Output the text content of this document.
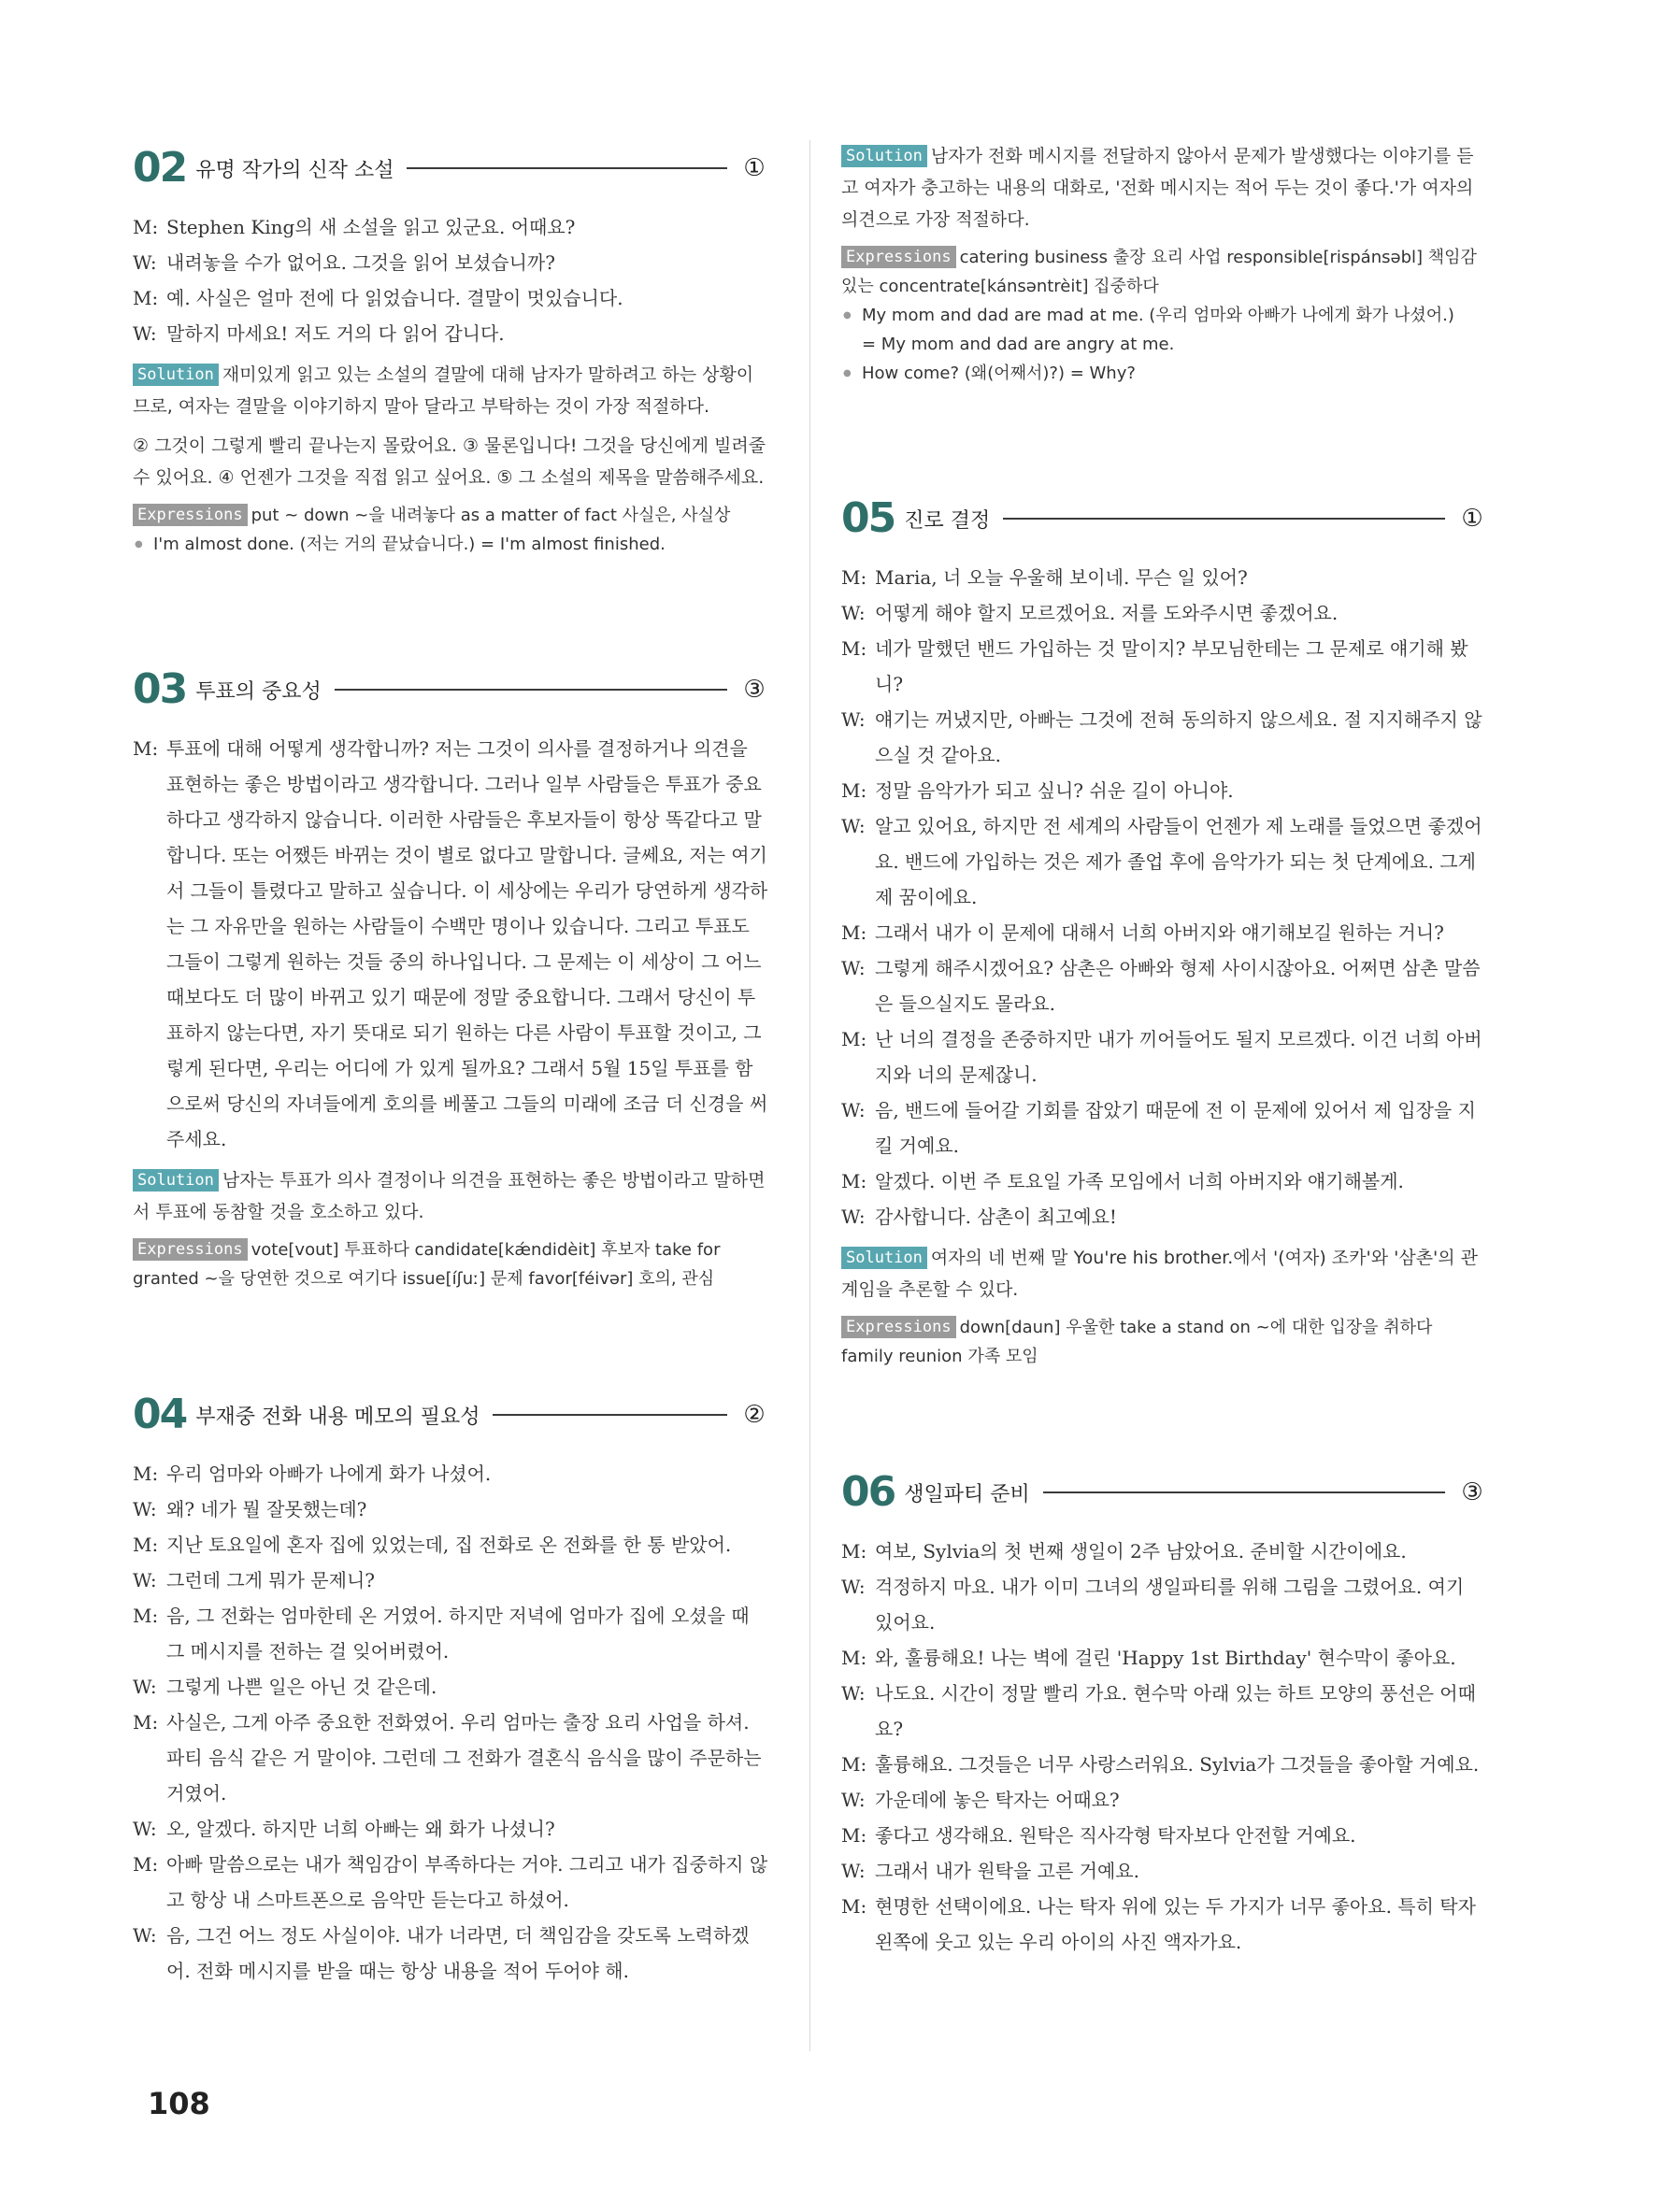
02 유명 작가의 신작 소설	①
M: Stephen King의 새 소설을 읽고 있군요. 어때요?
W: 내려놓을 수가 없어요. 그것을 읽어 보셨습니까?
M: 예. 사실은 얼마 전에 다 읽었습니다. 결말이 멋있습니다.
W: 말하지 마세요! 저도 거의 다 읽어 갑니다.
Solution 재미있게 읽고 있는 소설의 결말에 대해 남자가 말하려고 하는 상황이므로, 여자는 결말을 이야기하지 말아 달라고 부탁하는 것이 가장 적절하다.
② 그것이 그렇게 빨리 끝나는지 몰랐어요. ③ 물론입니다! 그것을 당신에게 빌려줄 수 있어요. ④ 언젠가 그것을 직접 읽고 싶어요. ⑤ 그 소설의 제목을 말씀해주세요.
Expressions put ~ down ~을 내려놓다 as a matter of fact 사실은, 사실상
● I'm almost done. (저는 거의 끝났습니다.) = I'm almost finished.
03 투표의 중요성	③
M: 투표에 대해 어떻게 생각합니까? 저는 그것이 의사를 결정하거나 의견을 표현하는 좋은 방법이라고 생각합니다. 그러나 일부 사람들은 투표가 중요하다고 생각하지 않습니다. 이러한 사람들은 후보자들이 항상 똑같다고 말합니다. 또는 어쨌든 바뀌는 것이 별로 없다고 말합니다. 글쎄요, 저는 여기서 그들이 틀렸다고 말하고 싶습니다. 이 세상에는 우리가 당연하게 생각하는 그 자유만을 원하는 사람들이 수백만 명이나 있습니다. 그리고 투표도 그들이 그렇게 원하는 것들 중의 하나입니다. 그 문제는 이 세상이 그 어느 때보다도 더 많이 바뀌고 있기 때문에 정말 중요합니다. 그래서 당신이 투표하지 않는다면, 자기 뜻대로 되기 원하는 다른 사람이 투표할 것이고, 그렇게 된다면, 우리는 어디에 가 있게 될까요? 그래서 5월 15일 투표를 함으로써 당신의 자녀들에게 호의를 베풀고 그들의 미래에 조금 더 신경을 써주세요.
Solution 남자는 투표가 의사 결정이나 의견을 표현하는 좋은 방법이라고 말하면서 투표에 동참할 것을 호소하고 있다.
Expressions vote[vout] 투표하다 candidate[kǽndidèit] 후보자 take for granted ~을 당연한 것으로 여기다 issue[íʃuː] 문제 favor[féivər] 호의, 관심
04 부재중 전화 내용 메모의 필요성	②
M: 우리 엄마와 아빠가 나에게 화가 나셨어.
W: 왜? 네가 뭘 잘못했는데?
M: 지난 토요일에 혼자 집에 있었는데, 집 전화로 온 전화를 한 통 받았어.
W: 그런데 그게 뭐가 문제니?
M: 음, 그 전화는 엄마한테 온 거였어. 하지만 저녁에 엄마가 집에 오셨을 때 그 메시지를 전하는 걸 잊어버렸어.
W: 그렇게 나쁜 일은 아닌 것 같은데.
M: 사실은, 그게 아주 중요한 전화였어. 우리 엄마는 출장 요리 사업을 하셔. 파티 음식 같은 거 말이야. 그런데 그 전화가 결혼식 음식을 많이 주문하는 거였어.
W: 오, 알겠다. 하지만 너희 아빠는 왜 화가 나셨니?
M: 아빠 말씀으로는 내가 책임감이 부족하다는 거야. 그리고 내가 집중하지 않고 항상 내 스마트폰으로 음악만 듣는다고 하셨어.
W: 음, 그건 어느 정도 사실이야. 내가 너라면, 더 책임감을 갖도록 노력하겠어. 전화 메시지를 받을 때는 항상 내용을 적어 두어야 해.
Solution 남자가 전화 메시지를 전달하지 않아서 문제가 발생했다는 이야기를 듣고 여자가 충고하는 내용의 대화로, '전화 메시지는 적어 두는 것이 좋다.'가 여자의 의견으로 가장 적절하다.
Expressions catering business 출장 요리 사업 responsible[rispánsəbl] 책임감 있는 concentrate[kánsəntrèit] 집중하다
● My mom and dad are mad at me. (우리 엄마와 아빠가 나에게 화가 나셨어.)
= My mom and dad are angry at me.
● How come? (왜(어째서)?) = Why?
05 진로 결정	①
M: Maria, 너 오늘 우울해 보이네. 무슨 일 있어?
W: 어떻게 해야 할지 모르겠어요. 저를 도와주시면 좋겠어요.
M: 네가 말했던 밴드 가입하는 것 말이지? 부모님한테는 그 문제로 얘기해 봤니?
W: 얘기는 꺼냈지만, 아빠는 그것에 전혀 동의하지 않으세요. 절 지지해주지 않으실 것 같아요.
M: 정말 음악가가 되고 싶니? 쉬운 길이 아니야.
W: 알고 있어요, 하지만 전 세계의 사람들이 언젠가 제 노래를 들었으면 좋겠어요. 밴드에 가입하는 것은 제가 졸업 후에 음악가가 되는 첫 단계에요. 그게 제 꿈이에요.
M: 그래서 내가 이 문제에 대해서 너희 아버지와 얘기해보길 원하는 거니?
W: 그렇게 해주시겠어요? 삼촌은 아빠와 형제 사이시잖아요. 어쩌면 삼촌 말씀은 들으실지도 몰라요.
M: 난 너의 결정을 존중하지만 내가 끼어들어도 될지 모르겠다. 이건 너희 아버지와 너의 문제잖니.
W: 음, 밴드에 들어갈 기회를 잡았기 때문에 전 이 문제에 있어서 제 입장을 지킬 거예요.
M: 알겠다. 이번 주 토요일 가족 모임에서 너희 아버지와 얘기해볼게.
W: 감사합니다. 삼촌이 최고예요!
Solution 여자의 네 번째 말 You're his brother.에서 '(여자) 조카'와 '삼촌'의 관계임을 추론할 수 있다.
Expressions down[daun] 우울한 take a stand on ~에 대한 입장을 취하다 family reunion 가족 모임
06 생일파티 준비	③
M: 여보, Sylvia의 첫 번째 생일이 2주 남았어요. 준비할 시간이에요.
W: 걱정하지 마요. 내가 이미 그녀의 생일파티를 위해 그림을 그렸어요. 여기 있어요.
M: 와, 훌륭해요! 나는 벽에 걸린 'Happy 1st Birthday' 현수막이 좋아요.
W: 나도요. 시간이 정말 빨리 가요. 현수막 아래 있는 하트 모양의 풍선은 어때요?
M: 훌륭해요. 그것들은 너무 사랑스러워요. Sylvia가 그것들을 좋아할 거예요.
W: 가운데에 놓은 탁자는 어때요?
M: 좋다고 생각해요. 원탁은 직사각형 탁자보다 안전할 거예요.
W: 그래서 내가 원탁을 고른 거예요.
M: 현명한 선택이에요. 나는 탁자 위에 있는 두 가지가 너무 좋아요. 특히 탁자 왼쪽에 웃고 있는 우리 아이의 사진 액자가요.
108
